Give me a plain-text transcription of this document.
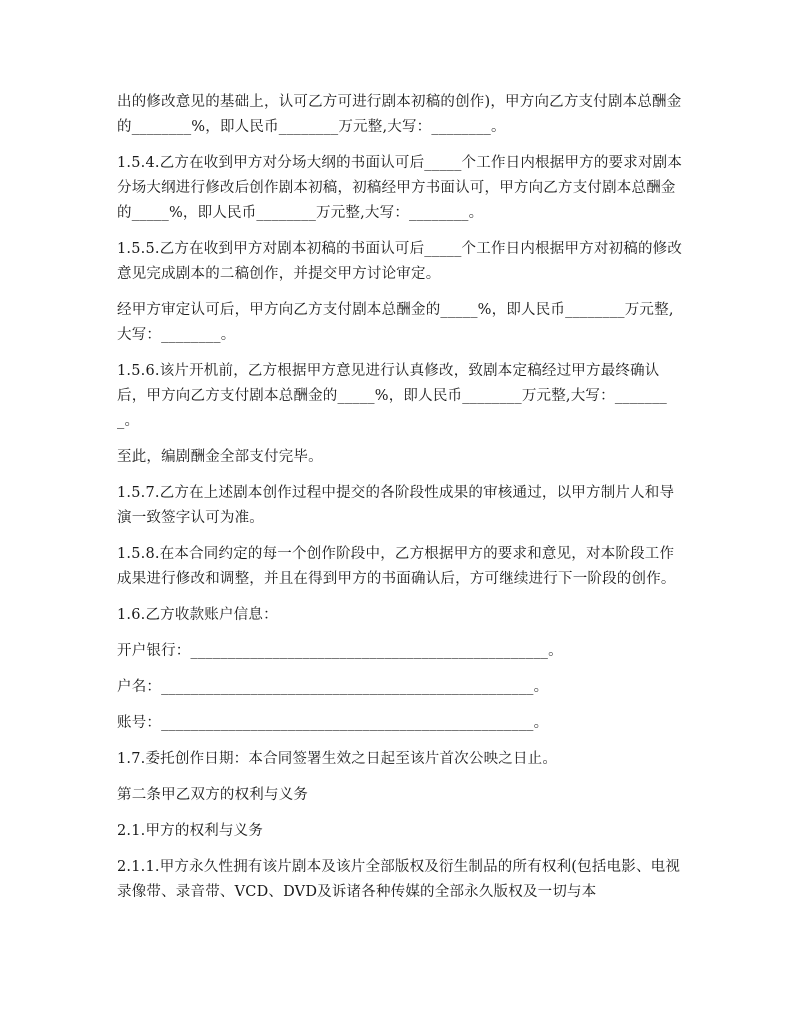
出的修改意见的基础上，认可乙方可进行剧本初稿的创作)，甲方向乙方支付剧本总酬金的________%，即人民币________万元整,大写：________。

1.5.4.乙方在收到甲方对分场大纲的书面认可后_____个工作日内根据甲方的要求对剧本分场大纲进行修改后创作剧本初稿，初稿经甲方书面认可，甲方向乙方支付剧本总酬金的_____%，即人民币________万元整,大写：________。

1.5.5.乙方在收到甲方对剧本初稿的书面认可后_____个工作日内根据甲方对初稿的修改意见完成剧本的二稿创作，并提交甲方讨论审定。

经甲方审定认可后，甲方向乙方支付剧本总酬金的_____%，即人民币________万元整,大写：________。

1.5.6.该片开机前，乙方根据甲方意见进行认真修改，致剧本定稿经过甲方最终确认后，甲方向乙方支付剧本总酬金的_____%，即人民币________万元整,大写：________。

至此，编剧酬金全部支付完毕。

1.5.7.乙方在上述剧本创作过程中提交的各阶段性成果的审核通过，以甲方制片人和导演一致签字认可为准。

1.5.8.在本合同约定的每一个创作阶段中，乙方根据甲方的要求和意见，对本阶段工作成果进行修改和调整，并且在得到甲方的书面确认后，方可继续进行下一阶段的创作。

1.6.乙方收款账户信息：

开户银行：________________________________________________。

户名：__________________________________________________。

账号：__________________________________________________。

1.7.委托创作日期：本合同签署生效之日起至该片首次公映之日止。

第二条甲乙双方的权利与义务

2.1.甲方的权利与义务

2.1.1.甲方永久性拥有该片剧本及该片全部版权及衍生制品的所有权利(包括电影、电视录像带、录音带、VCD、DVD及诉诸各种传媒的全部永久版权及一切与本
